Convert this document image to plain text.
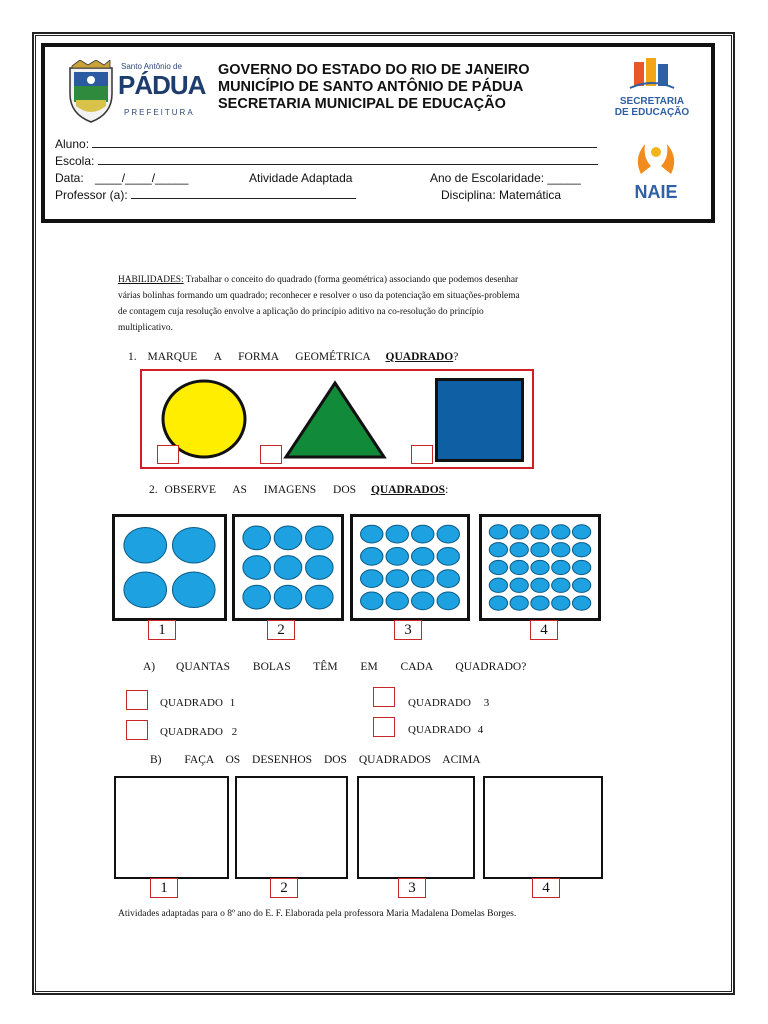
Santo Antônio de
PÁDUA
PREFEITURA
GOVERNO DO ESTADO DO RIO DE JANEIRO
MUNICÍPIO DE SANTO ANTÔNIO DE PÁDUA
SECRETARIA MUNICIPAL DE EDUCAÇÃO	SECRETARIA
DE EDUCAÇÃO
NAIE
Aluno:
Escola:
Data: ____/____/_____	Atividade Adaptada	Ano de Escolaridade: _____
Professor (a):	Disciplina: Matemática
HABILIDADES: Trabalhar o conceito do quadrado (forma geométrica) associando que podemos desenhar várias bolinhas formando um quadrado; reconhecer e resolver o uso da potenciação em situações-problema de contagem cuja resolução envolve a aplicação do princípio aditivo na co-resolução do princípio multiplicativo.
1. MARQUE A FORMA GEOMÉTRICA QUADRADO?
2. OBSERVE AS IMAGENS DOS QUADRADOS:
1	2	3	4
A) QUANTAS BOLAS TÊM EM CADA QUADRADO?
QUADRADO 1
QUADRADO 2
QUADRADO 3
QUADRADO 4
B) FAÇA OS DESENHOS DOS QUADRADOS ACIMA
1	2	3	4
Atividades adaptadas para o 8º ano do E. F. Elaborada pela professora Maria Madalena Domelas Borges.
